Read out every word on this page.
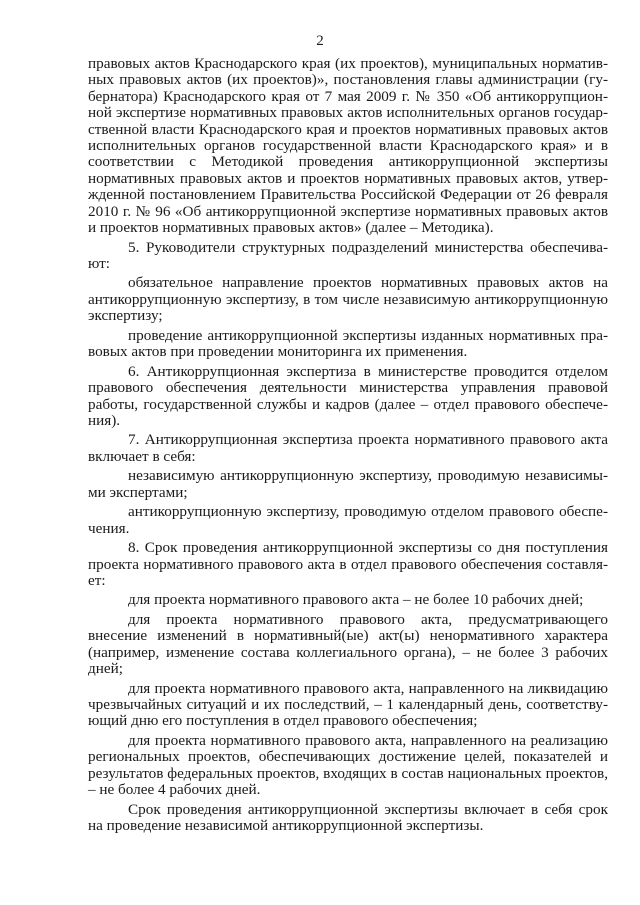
2

правовых актов Краснодарского края (их проектов), муниципальных нормативных правовых актов (их проектов)», постановления главы администрации (губернатора) Краснодарского края от 7 мая 2009 г. № 350 «Об антикоррупционной экспертизе нормативных правовых актов исполнительных органов государственной власти Краснодарского края и проектов нормативных правовых актов исполнительных органов государственной власти Краснодарского края» и в соответствии с Методикой проведения антикоррупционной экспертизы нормативных правовых актов и проектов нормативных правовых актов, утвержденной постановлением Правительства Российской Федерации от 26 февраля 2010 г. № 96 «Об антикоррупционной экспертизе нормативных правовых актов и проектов нормативных правовых актов» (далее – Методика).

5. Руководители структурных подразделений министерства обеспечивают:

обязательное направление проектов нормативных правовых актов на антикоррупционную экспертизу, в том числе независимую антикоррупционную экспертизу;

проведение антикоррупционной экспертизы изданных нормативных правовых актов при проведении мониторинга их применения.

6. Антикоррупционная экспертиза в министерстве проводится отделом правового обеспечения деятельности министерства управления правовой работы, государственной службы и кадров (далее – отдел правового обеспечения).

7. Антикоррупционная экспертиза проекта нормативного правового акта включает в себя:

независимую антикоррупционную экспертизу, проводимую независимыми экспертами;

антикоррупционную экспертизу, проводимую отделом правового обеспечения.

8. Срок проведения антикоррупционной экспертизы со дня поступления проекта нормативного правового акта в отдел правового обеспечения составляет:

для проекта нормативного правового акта – не более 10 рабочих дней;

для проекта нормативного правового акта, предусматривающего внесение изменений в нормативный(ые) акт(ы) ненормативного характера (например, изменение состава коллегиального органа), – не более 3 рабочих дней;

для проекта нормативного правового акта, направленного на ликвидацию чрезвычайных ситуаций и их последствий, – 1 календарный день, соответствующий дню его поступления в отдел правового обеспечения;

для проекта нормативного правового акта, направленного на реализацию региональных проектов, обеспечивающих достижение целей, показателей и результатов федеральных проектов, входящих в состав национальных проектов, – не более 4 рабочих дней.

Срок проведения антикоррупционной экспертизы включает в себя срок на проведение независимой антикоррупционной экспертизы.
